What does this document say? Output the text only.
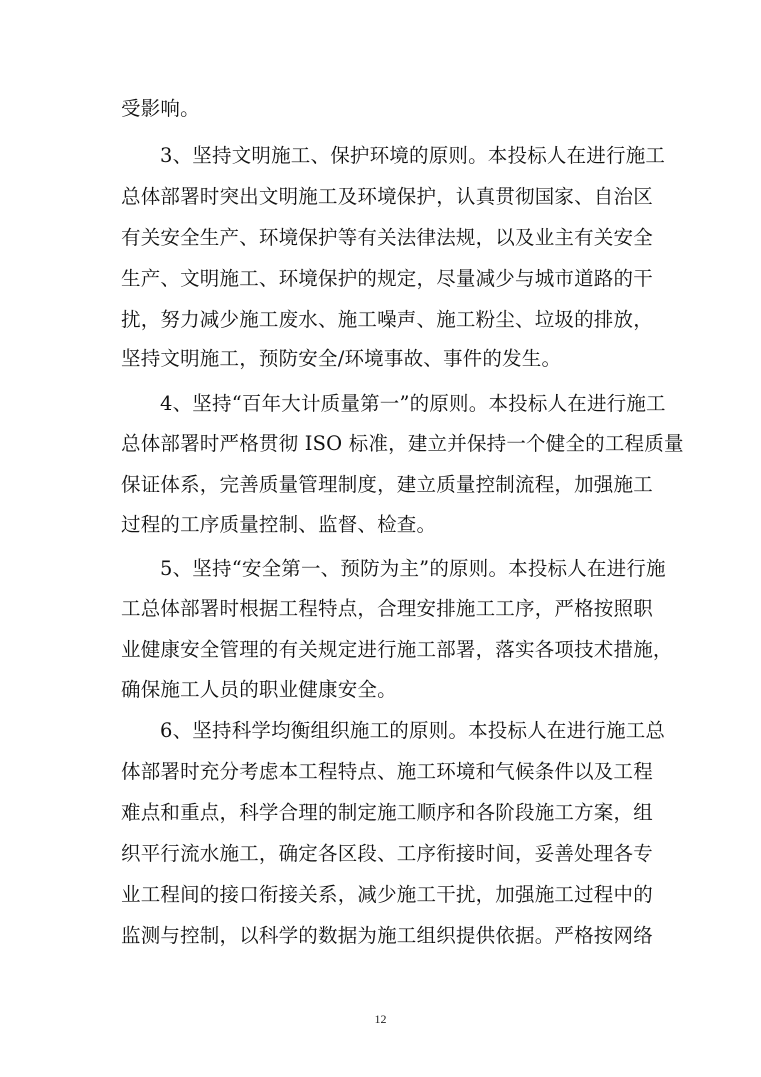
受影响。
3、坚持文明施工、保护环境的原则。本投标人在进行施工
总体部署时突出文明施工及环境保护，认真贯彻国家、自治区
有关安全生产、环境保护等有关法律法规，以及业主有关安全
生产、文明施工、环境保护的规定，尽量减少与城市道路的干
扰，努力减少施工废水、施工噪声、施工粉尘、垃圾的排放，
坚持文明施工，预防安全/环境事故、事件的发生。
4、坚持“百年大计质量第一”的原则。本投标人在进行施工
总体部署时严格贯彻 ISO 标准，建立并保持一个健全的工程质量
保证体系，完善质量管理制度，建立质量控制流程，加强施工
过程的工序质量控制、监督、检查。
5、坚持“安全第一、预防为主”的原则。本投标人在进行施
工总体部署时根据工程特点，合理安排施工工序，严格按照职
业健康安全管理的有关规定进行施工部署，落实各项技术措施，
确保施工人员的职业健康安全。
6、坚持科学均衡组织施工的原则。本投标人在进行施工总
体部署时充分考虑本工程特点、施工环境和气候条件以及工程
难点和重点，科学合理的制定施工顺序和各阶段施工方案，组
织平行流水施工，确定各区段、工序衔接时间，妥善处理各专
业工程间的接口衔接关系，减少施工干扰，加强施工过程中的
监测与控制，以科学的数据为施工组织提供依据。严格按网络
12
